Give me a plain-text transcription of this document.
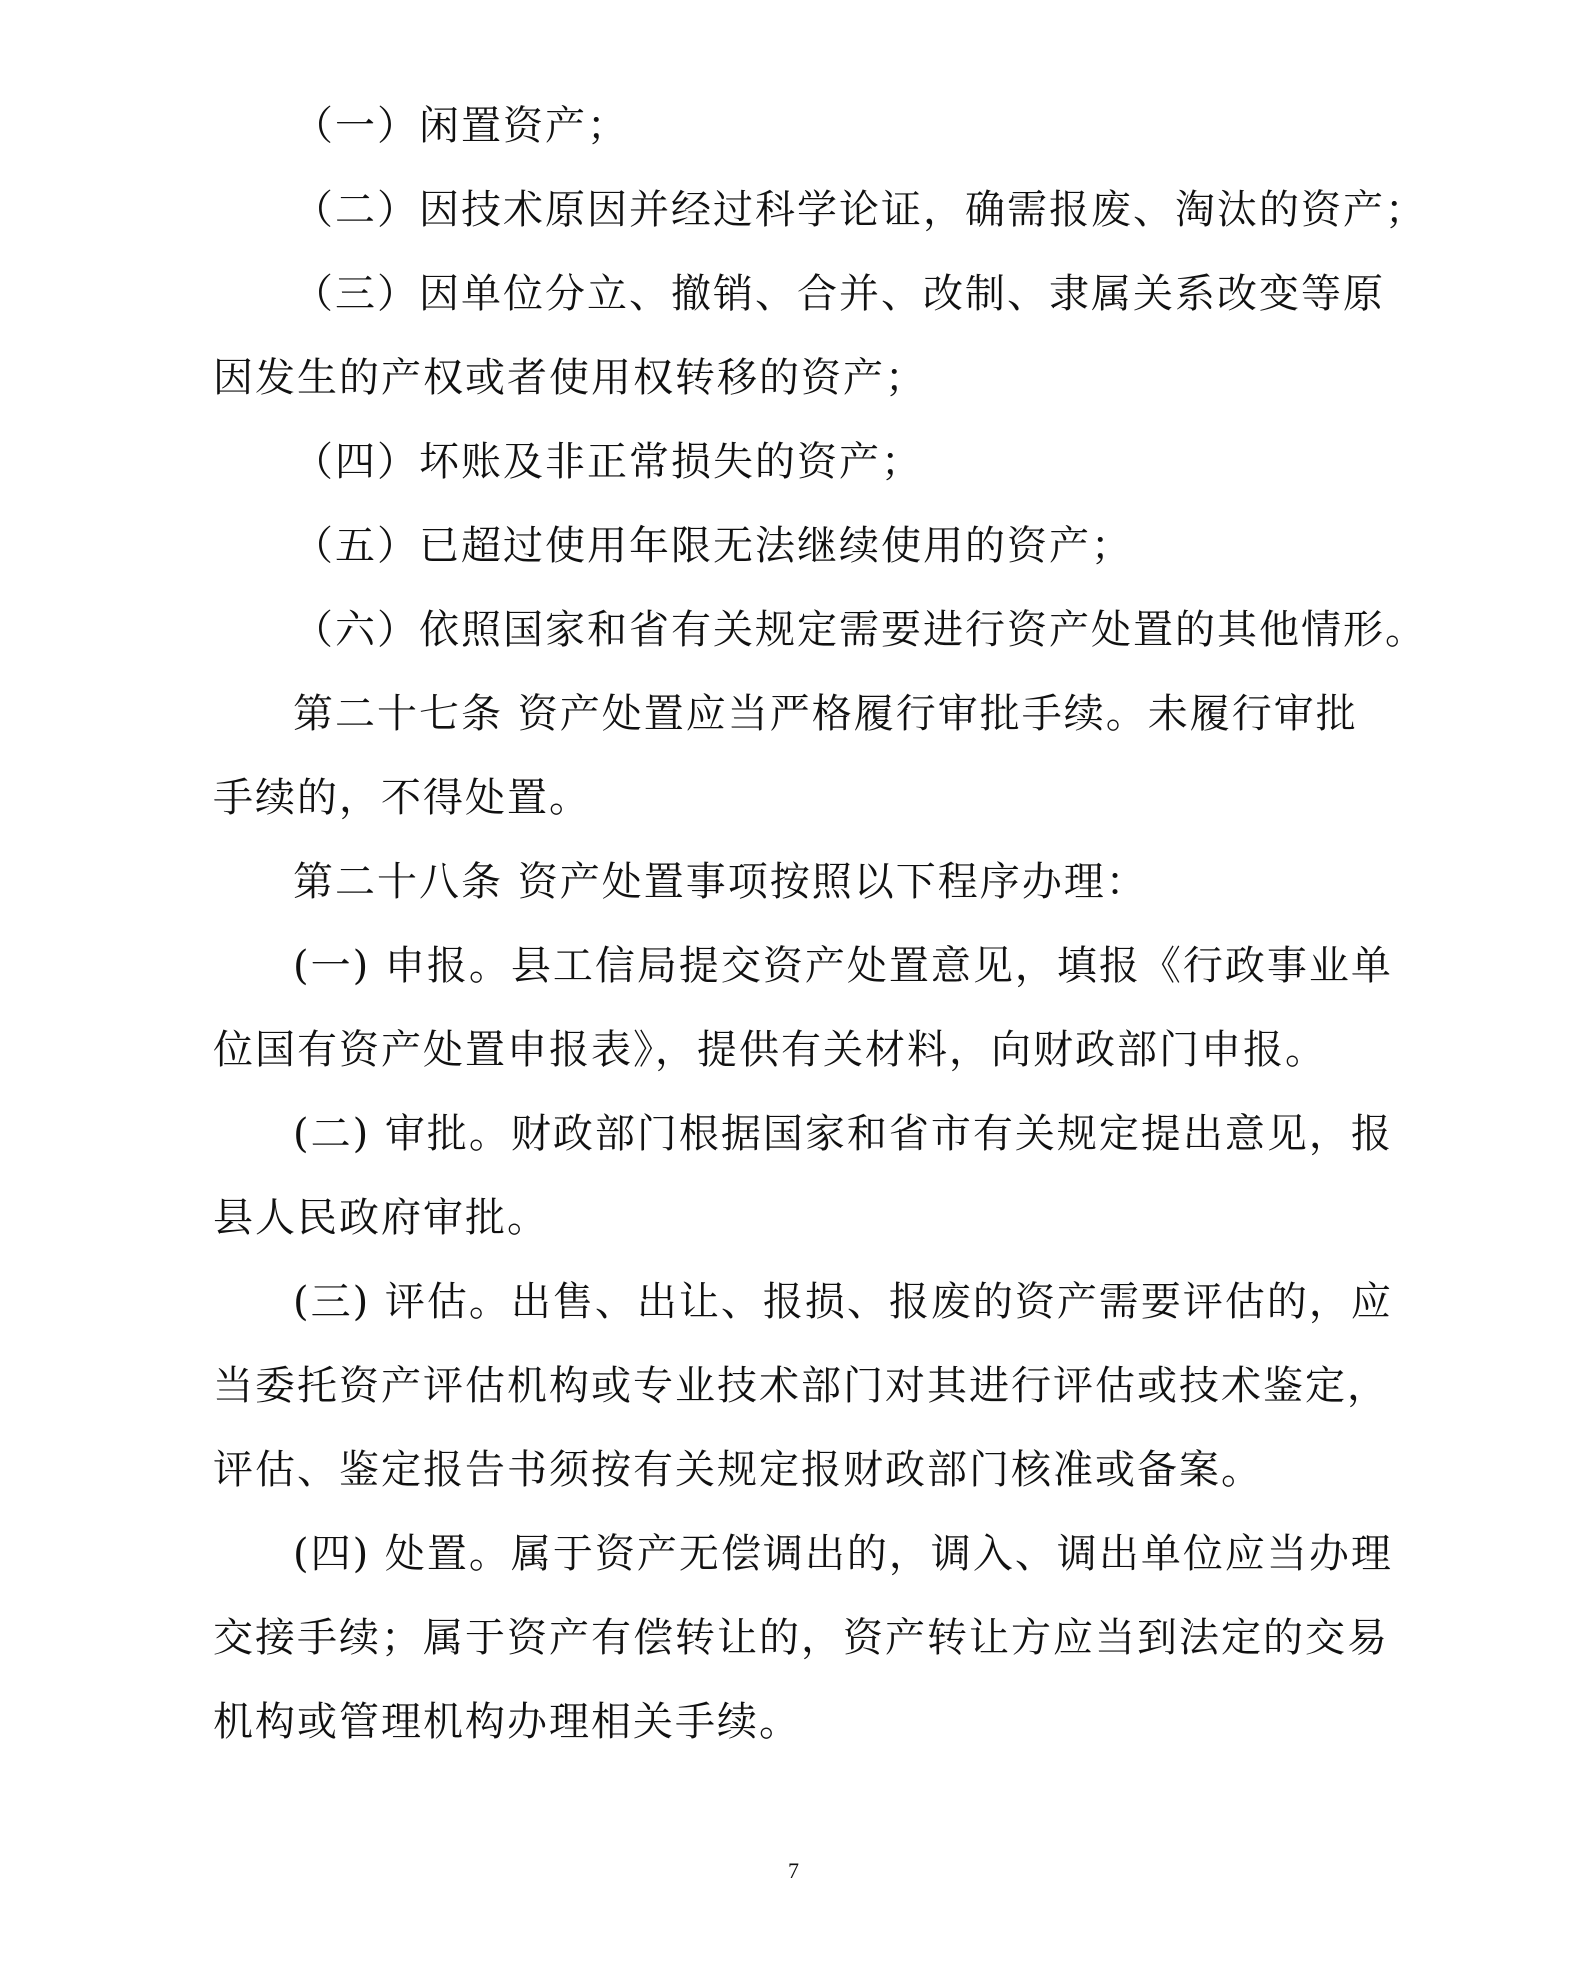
（一）闲置资产；
（二）因技术原因并经过科学论证，确需报废、淘汰的资产；
（三）因单位分立、撤销、合并、改制、隶属关系改变等原
因发生的产权或者使用权转移的资产；
（四）坏账及非正常损失的资产；
（五）已超过使用年限无法继续使用的资产；
（六）依照国家和省有关规定需要进行资产处置的其他情形。
第二十七条 资产处置应当严格履行审批手续。未履行审批
手续的，不得处置。
第二十八条 资产处置事项按照以下程序办理：
(一) 申报。县工信局提交资产处置意见，填报《行政事业单
位国有资产处置申报表》，提供有关材料，向财政部门申报。
(二) 审批。财政部门根据国家和省市有关规定提出意见，报
县人民政府审批。
(三) 评估。出售、出让、报损、报废的资产需要评估的，应
当委托资产评估机构或专业技术部门对其进行评估或技术鉴定，
评估、鉴定报告书须按有关规定报财政部门核准或备案。
(四) 处置。属于资产无偿调出的，调入、调出单位应当办理
交接手续；属于资产有偿转让的，资产转让方应当到法定的交易
机构或管理机构办理相关手续。
7
